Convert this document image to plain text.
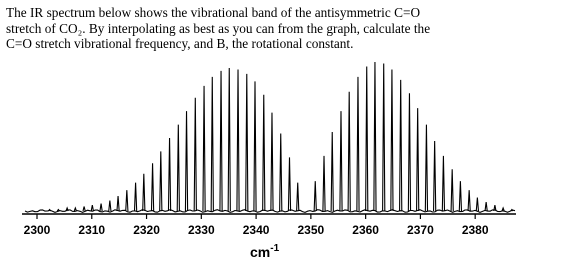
The IR spectrum below shows the vibrational band of the antisymmetric C=O

stretch of CO₂. By interpolating as best as you can from the graph, calculate the

C=O stretch vibrational frequency, and B, the rotational constant.

2300 2310 2320 2330 2340 2350 2360 2370 2380
$cm^{-1}$
